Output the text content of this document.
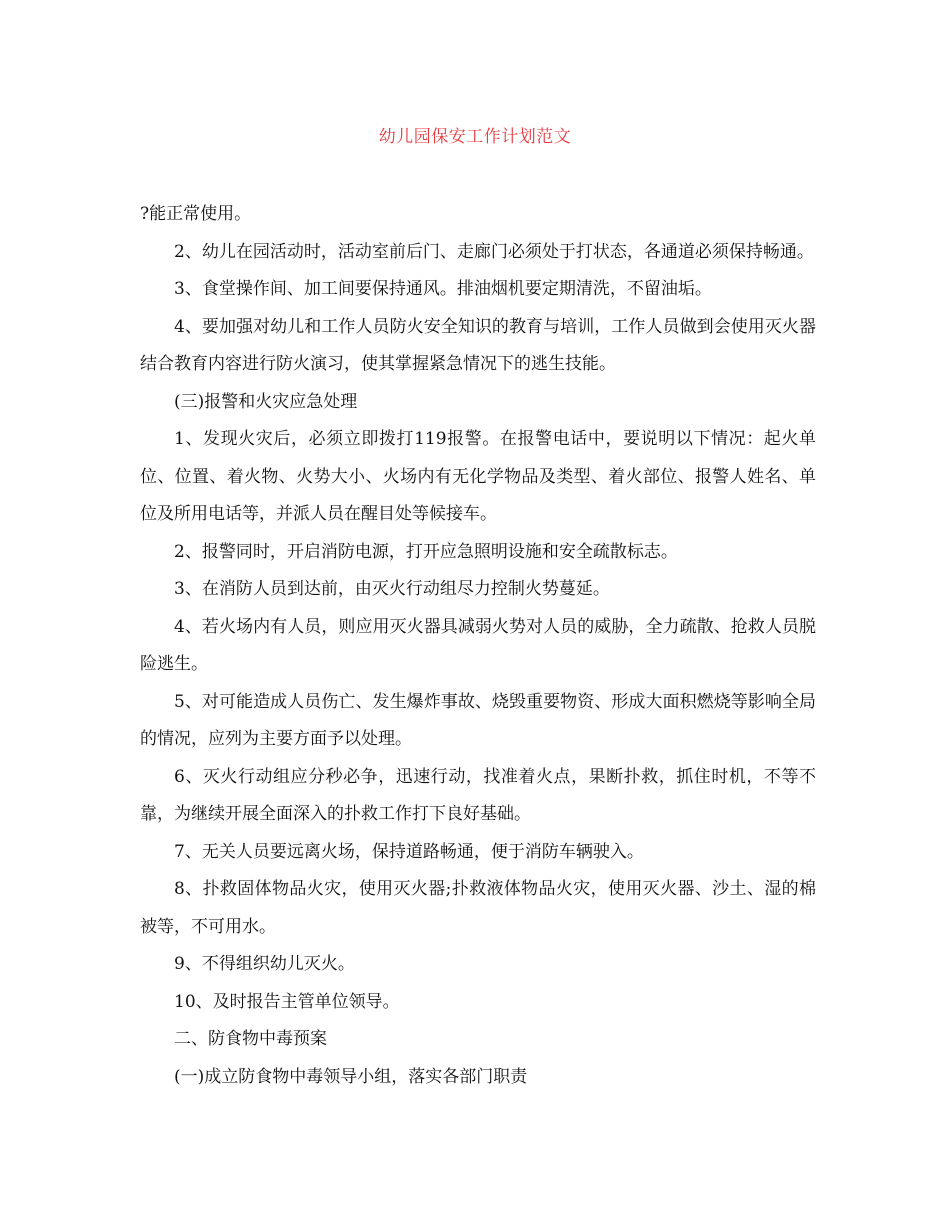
幼儿园保安工作计划范文

?能正常使用。

2、幼儿在园活动时，活动室前后门、走廊门必须处于打状态，各通道必须保持畅通。

3、食堂操作间、加工间要保持通风。排油烟机要定期清洗，不留油垢。

4、要加强对幼儿和工作人员防火安全知识的教育与培训，工作人员做到会使用灭火器结合教育内容进行防火演习，使其掌握紧急情况下的逃生技能。

(三)报警和火灾应急处理

1、发现火灾后，必须立即拨打119报警。在报警电话中，要说明以下情况：起火单位、位置、着火物、火势大小、火场内有无化学物品及类型、着火部位、报警人姓名、单位及所用电话等，并派人员在醒目处等候接车。

2、报警同时，开启消防电源，打开应急照明设施和安全疏散标志。

3、在消防人员到达前，由灭火行动组尽力控制火势蔓延。

4、若火场内有人员，则应用灭火器具减弱火势对人员的威胁，全力疏散、抢救人员脱险逃生。

5、对可能造成人员伤亡、发生爆炸事故、烧毁重要物资、形成大面积燃烧等影响全局的情况，应列为主要方面予以处理。

6、灭火行动组应分秒必争，迅速行动，找准着火点，果断扑救，抓住时机，不等不靠，为继续开展全面深入的扑救工作打下良好基础。

7、无关人员要远离火场，保持道路畅通，便于消防车辆驶入。

8、扑救固体物品火灾，使用灭火器;扑救液体物品火灾，使用灭火器、沙土、湿的棉被等，不可用水。

9、不得组织幼儿灭火。

10、及时报告主管单位领导。

二、防食物中毒预案

(一)成立防食物中毒领导小组，落实各部门职责
